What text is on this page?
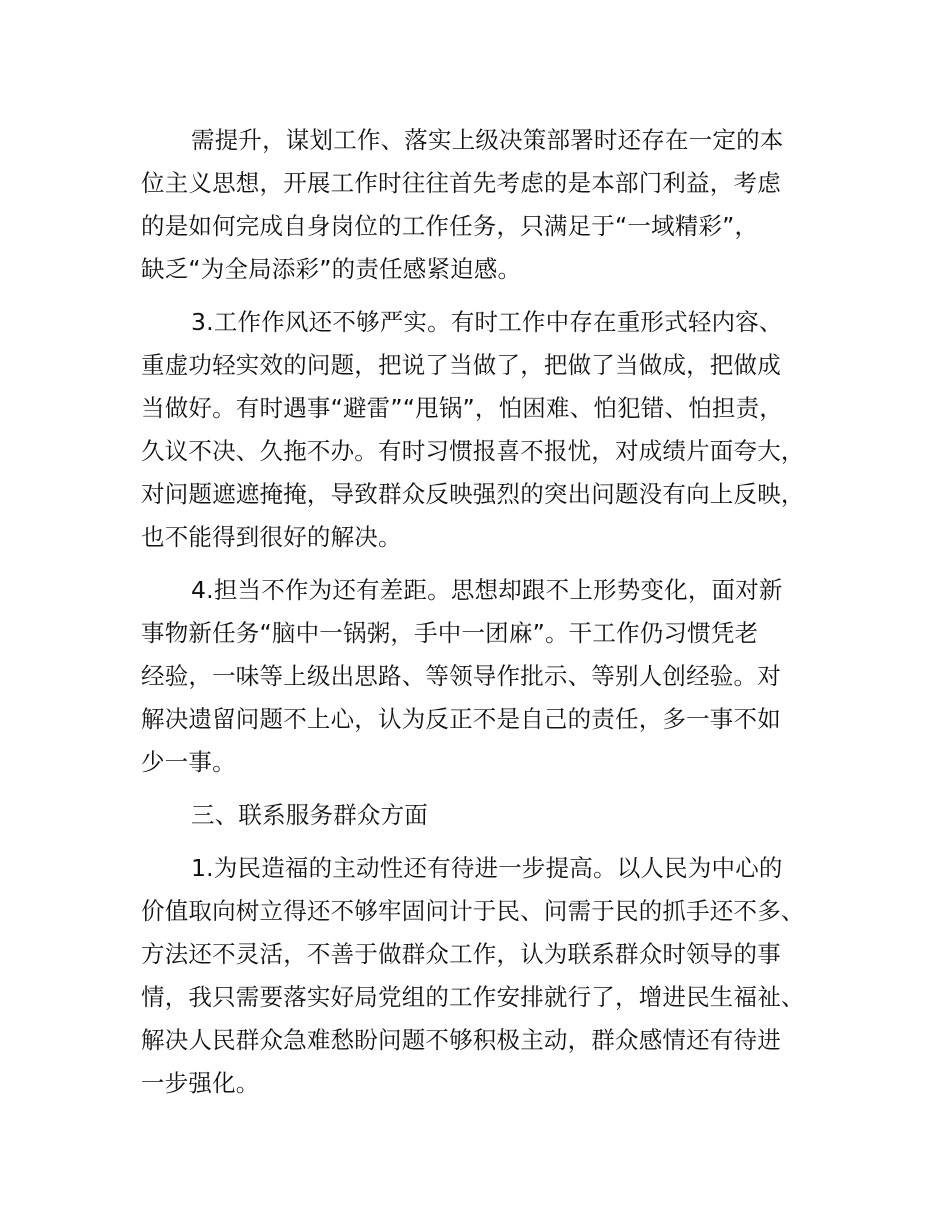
需提升，谋划工作、落实上级决策部署时还存在一定的本
位主义思想，开展工作时往往首先考虑的是本部门利益，考虑
的是如何完成自身岗位的工作任务，只满足于“一域精彩”，
缺乏“为全局添彩”的责任感紧迫感。
3.工作作风还不够严实。有时工作中存在重形式轻内容、
重虚功轻实效的问题，把说了当做了，把做了当做成，把做成
当做好。有时遇事“避雷”“甩锅”，怕困难、怕犯错、怕担责，
久议不决、久拖不办。有时习惯报喜不报忧，对成绩片面夸大，
对问题遮遮掩掩，导致群众反映强烈的突出问题没有向上反映，
也不能得到很好的解决。
4.担当不作为还有差距。思想却跟不上形势变化，面对新
事物新任务“脑中一锅粥，手中一团麻”。干工作仍习惯凭老
经验，一味等上级出思路、等领导作批示、等别人创经验。对
解决遗留问题不上心，认为反正不是自己的责任，多一事不如
少一事。
三、联系服务群众方面
1.为民造福的主动性还有待进一步提高。以人民为中心的
价值取向树立得还不够牢固问计于民、问需于民的抓手还不多、
方法还不灵活，不善于做群众工作，认为联系群众时领导的事
情，我只需要落实好局党组的工作安排就行了，增进民生福祉、
解决人民群众急难愁盼问题不够积极主动，群众感情还有待进
一步强化。
